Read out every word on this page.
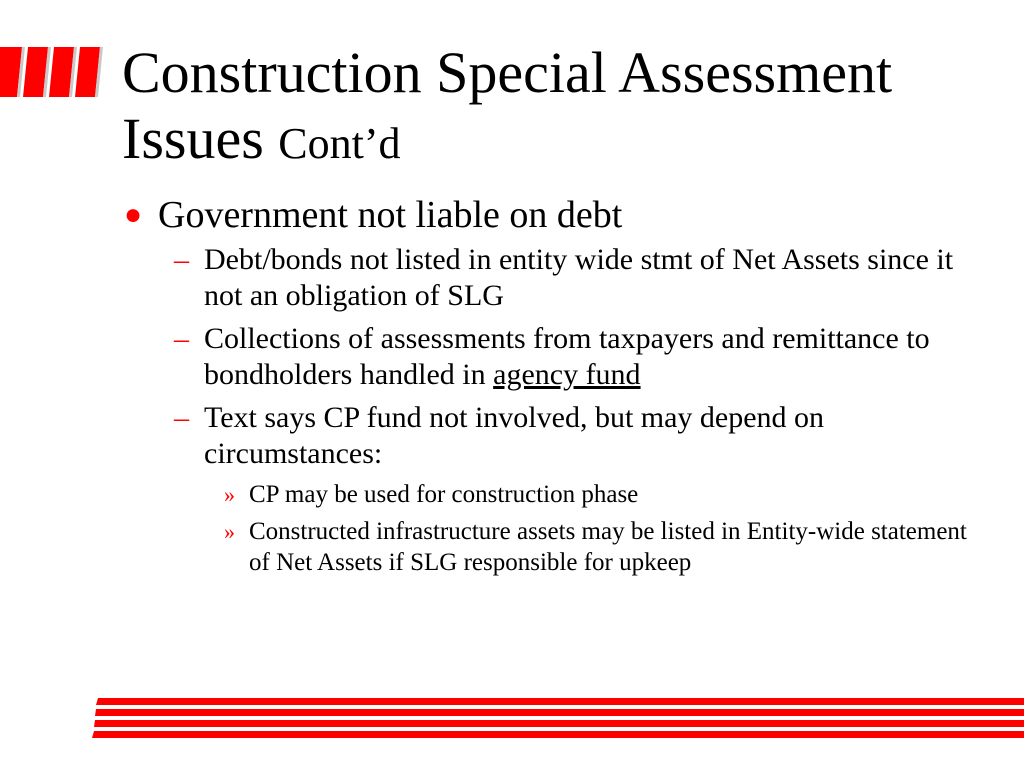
Construction Special Assessment Issues Cont’d

● Government not liable on debt

– Debt/bonds not listed in entity wide stmt of Net Assets since it not an obligation of SLG

– Collections of assessments from taxpayers and remittance to bondholders handled in agency fund

– Text says CP fund not involved, but may depend on circumstances:

» CP may be used for construction phase

» Constructed infrastructure assets may be listed in Entity-wide statement of Net Assets if SLG responsible for upkeep
